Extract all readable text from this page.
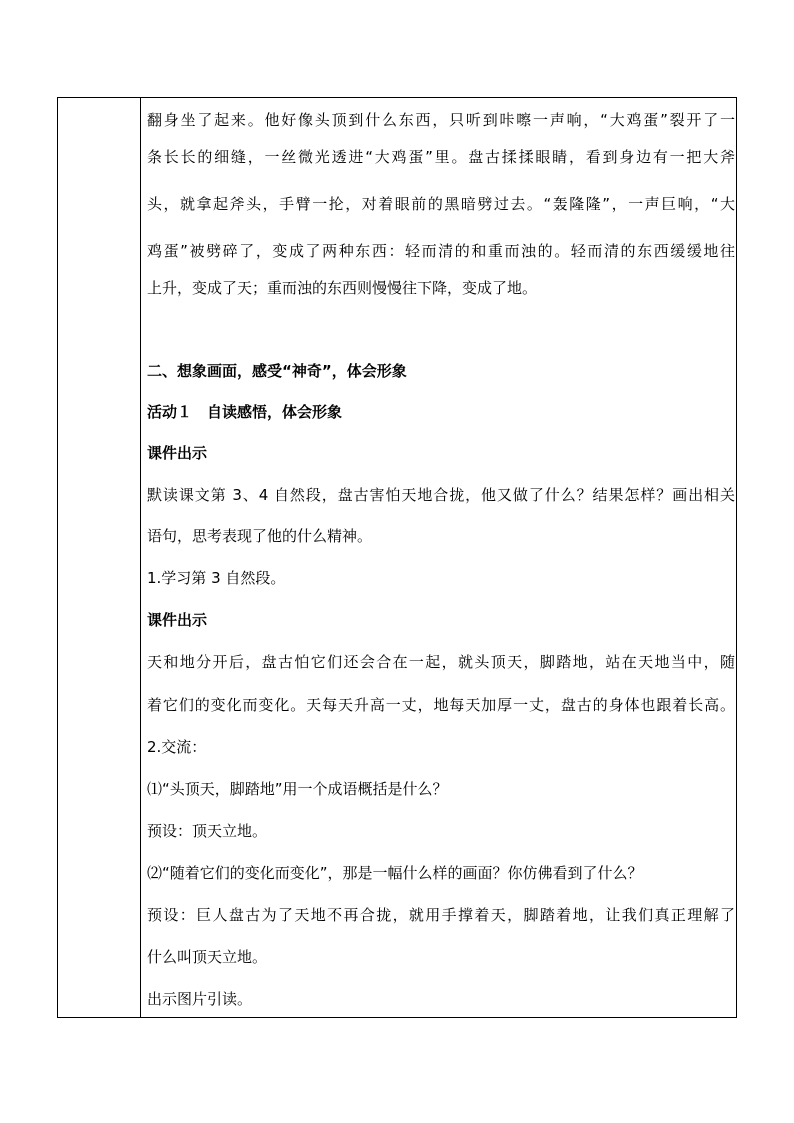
翻身坐了起来。他好像头顶到什么东西，只听到咔嚓一声响，“大鸡蛋”裂开了一
条长长的细缝，一丝微光透进“大鸡蛋”里。盘古揉揉眼睛，看到身边有一把大斧
头，就拿起斧头，手臂一抡，对着眼前的黑暗劈过去。“轰隆隆”，一声巨响，“大
鸡蛋”被劈碎了，变成了两种东西：轻而清的和重而浊的。轻而清的东西缓缓地往
上升，变成了天；重而浊的东西则慢慢往下降，变成了地。
二、想象画面，感受“神奇”，体会形象
活动１　自读感悟，体会形象
课件出示
默读课文第 3、4 自然段，盘古害怕天地合拢，他又做了什么？结果怎样？画出相关
语句，思考表现了他的什么精神。
1.学习第 3 自然段。
课件出示
天和地分开后，盘古怕它们还会合在一起，就头顶天，脚踏地，站在天地当中，随
着它们的变化而变化。天每天升高一丈，地每天加厚一丈，盘古的身体也跟着长高。
2.交流：
⑴“头顶天，脚踏地”用一个成语概括是什么？
预设：顶天立地。
⑵“随着它们的变化而变化”，那是一幅什么样的画面？你仿佛看到了什么？
预设：巨人盘古为了天地不再合拢，就用手撑着天，脚踏着地，让我们真正理解了
什么叫顶天立地。
出示图片引读。
